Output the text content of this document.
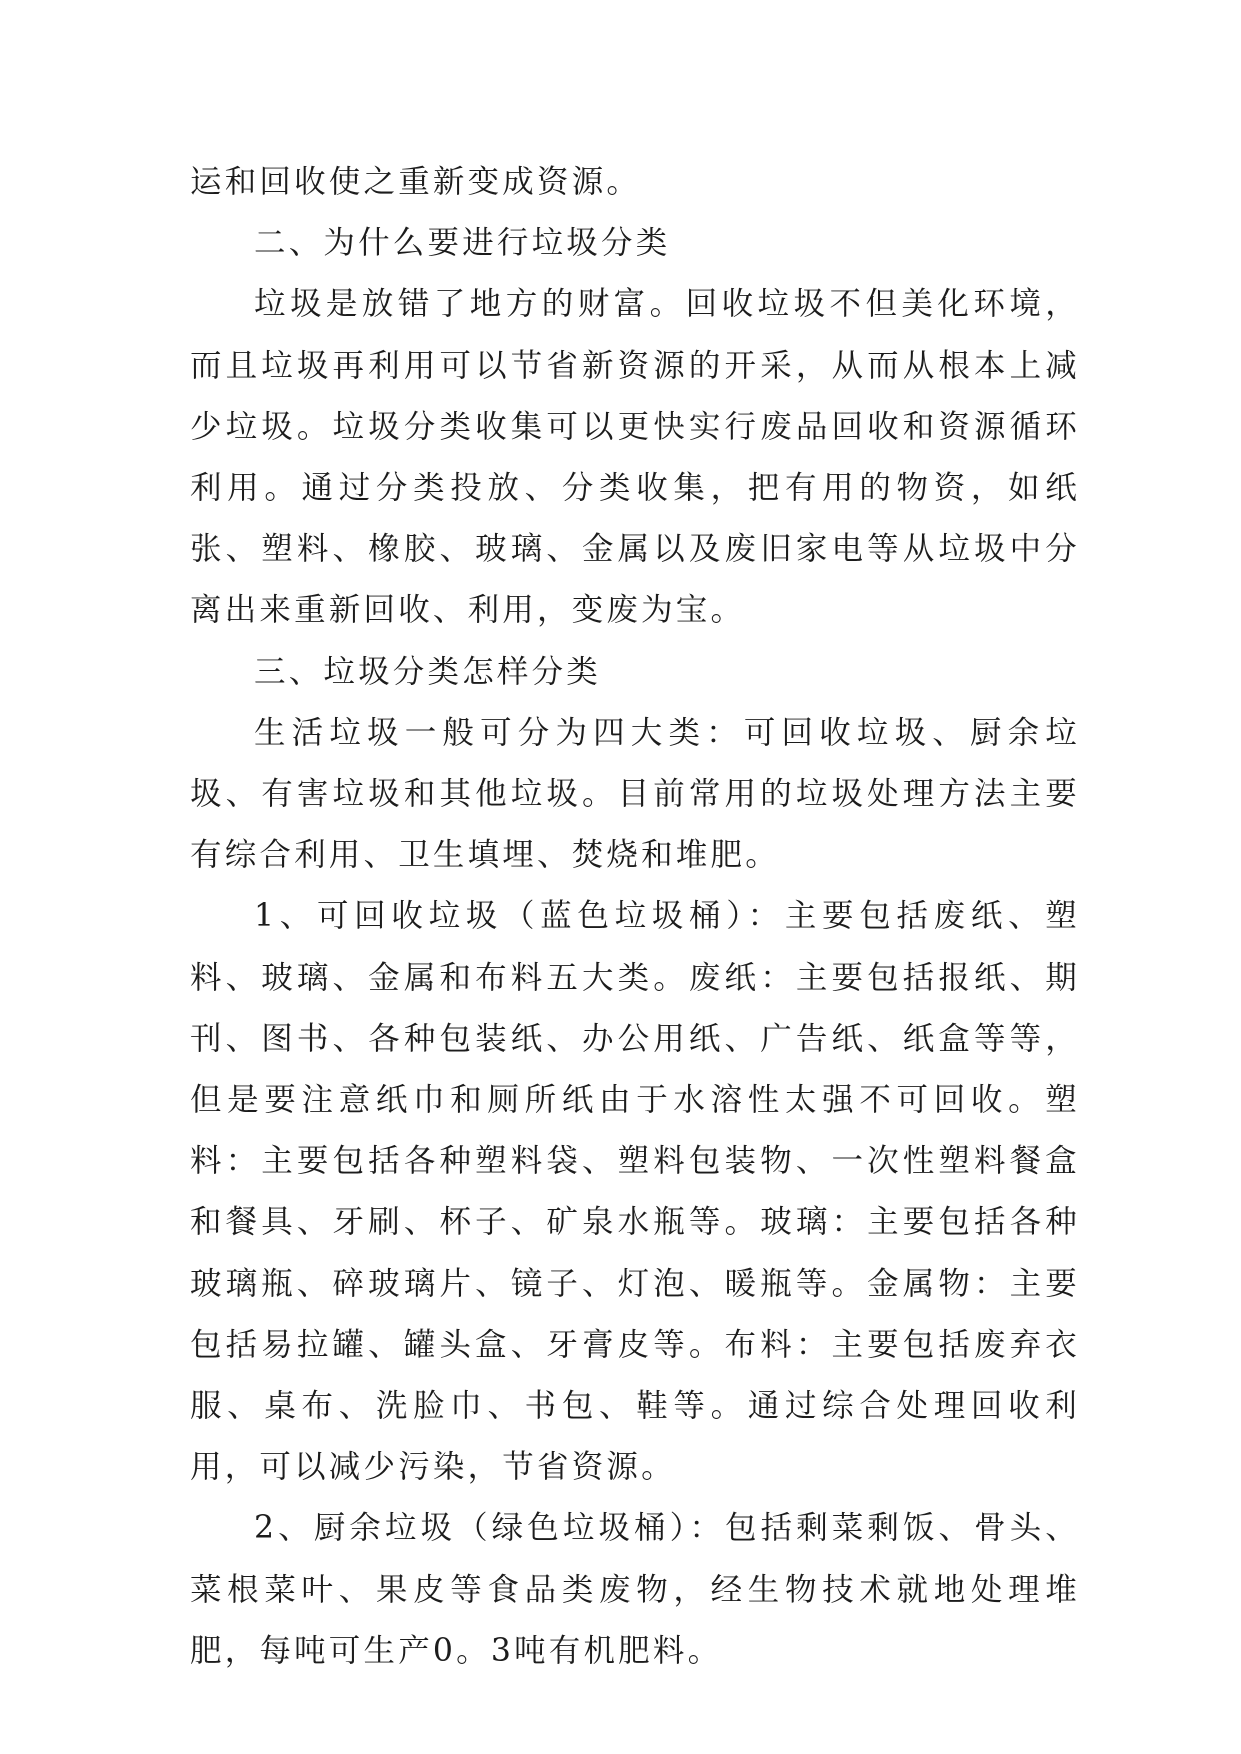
运和回收使之重新变成资源。

二、为什么要进行垃圾分类

垃圾是放错了地方的财富。回收垃圾不但美化环境，而且垃圾再利用可以节省新资源的开采，从而从根本上减少垃圾。垃圾分类收集可以更快实行废品回收和资源循环利用。通过分类投放、分类收集，把有用的物资，如纸张、塑料、橡胶、玻璃、金属以及废旧家电等从垃圾中分离出来重新回收、利用，变废为宝。

三、垃圾分类怎样分类

生活垃圾一般可分为四大类：可回收垃圾、厨余垃圾、有害垃圾和其他垃圾。目前常用的垃圾处理方法主要有综合利用、卫生填埋、焚烧和堆肥。

1、可回收垃圾（蓝色垃圾桶）：主要包括废纸、塑料、玻璃、金属和布料五大类。废纸：主要包括报纸、期刊、图书、各种包装纸、办公用纸、广告纸、纸盒等等，但是要注意纸巾和厕所纸由于水溶性太强不可回收。塑料：主要包括各种塑料袋、塑料包装物、一次性塑料餐盒和餐具、牙刷、杯子、矿泉水瓶等。玻璃：主要包括各种玻璃瓶、碎玻璃片、镜子、灯泡、暖瓶等。金属物：主要包括易拉罐、罐头盒、牙膏皮等。布料：主要包括废弃衣服、桌布、洗脸巾、书包、鞋等。通过综合处理回收利用，可以减少污染，节省资源。

2、厨余垃圾（绿色垃圾桶）：包括剩菜剩饭、骨头、菜根菜叶、果皮等食品类废物，经生物技术就地处理堆肥，每吨可生产0。3吨有机肥料。
